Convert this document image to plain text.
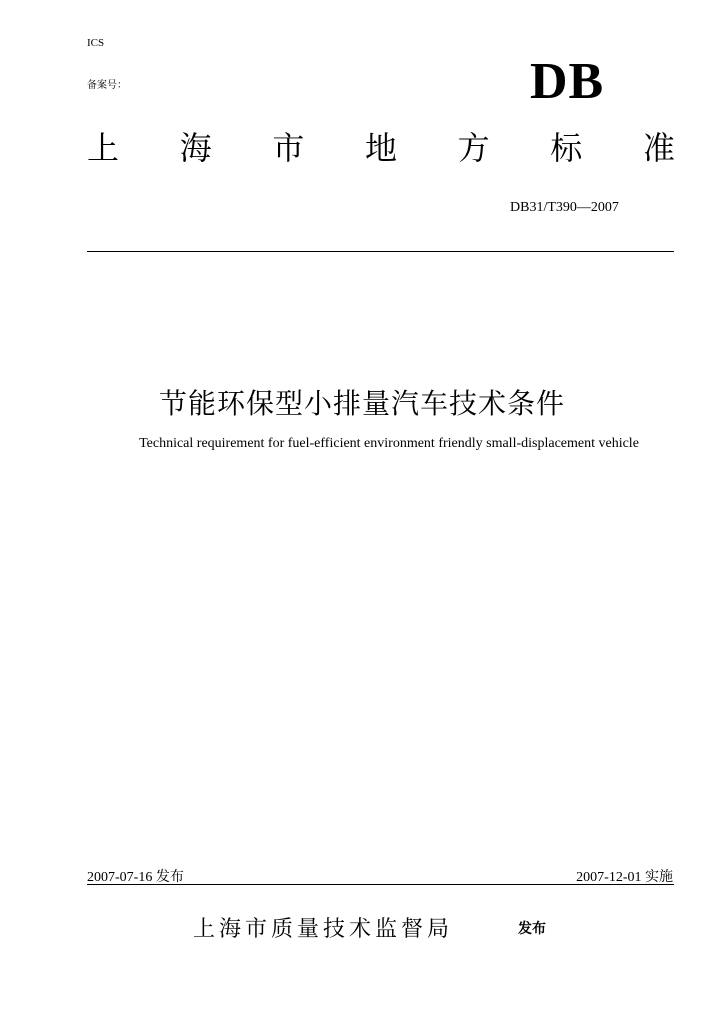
ICS
备案号：	DB
上 海 市 地 方 标 准
DB31/T390—2007
节能环保型小排量汽车技术条件
Technical requirement for fuel-efficient environment friendly small-displacement vehicle
2007-07-16 发布	2007-12-01 实施
上海市质量技术监督局	发布
